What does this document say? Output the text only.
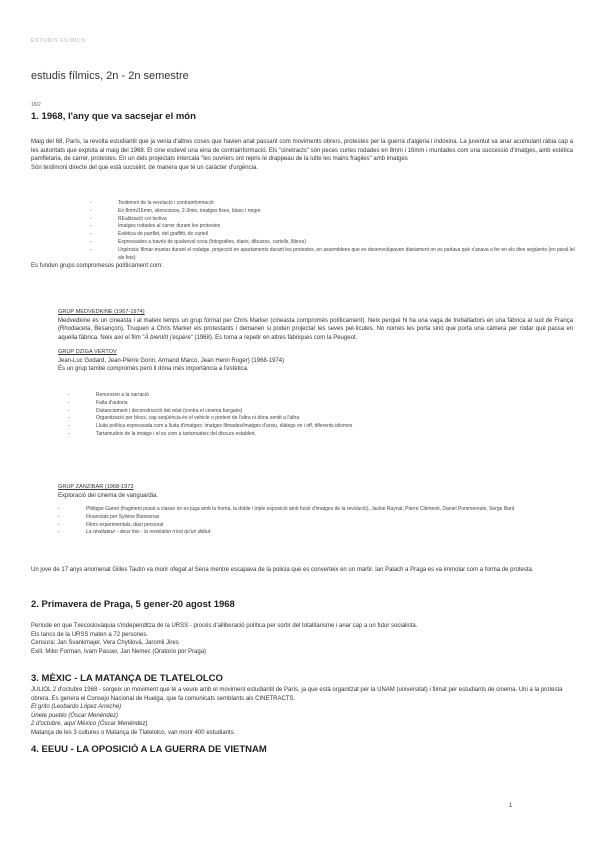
ESTUDIS FÍLMICS
estudis fílmics, 2n - 2n semestre
18/2
1. 1968, l'any que va sacsejar el món

Maig del 68, París, la revolta estudiantil que ja venia d'altres coses que havien anat passant com moviments obrers, protestes per la guerra d'algèria i indoxina. La juventut va anar acumulant ràbia cap a les autoritats que explota al maig del 1968. El cine esdevé una eina de contrainformació. Els "cinetracts" són peces curtes rodades en 8mm i 16mm i muntades com una successió d'imatges, amb estètica pamfletaria, de carrer, protestes. En un dels projectats intercala "les ouvriers ont repris le drappeau de la lutte les mains fragiles" amb imatges

Són testimoni directe del que està succeint, de manera que té un caràcter d'urgència.

-	Testimoni de la revolució i contrainformació
-	En 8mm/16mm, silenciosos, 2-3min, imatges fixes, blanc i negre
-	REalització col·lectiva
-	Imatges rodades al carrer durant les protestes
-	Estètica de panflet, del graffitti, de cartell
-	Expressades a través de qualsevol cosa (fotografies, diaris, dibuixos, cartells, llibres)
-	Urgència: filmar-muntar durant el rodatge, projecció en apartaments durant les protestes, en assemblees que es desenvolupaven diariament on es parlava què s'anava a fer en els dies següents (en paral·lel als fets)
Es funden grups compromesos políticament com:

GRUP MEDVEDKINE (1967-1974)

Medvedkine és un cineasta i al mateix temps un grup format per Chris Marker (cineasta compromès políticament). Neix perquè hi ha una vaga de treballadors en una fàbrica al sud de França (Rhodiaceta, Besançon). Truquen a Chris Marker els protestants i demanen si poden projectar les seves pel·lícules. No només les porta sinó que porta una càmera per rodar què passa en aquella fàbrica. Neix així el film "À bientôt j'espère" (1968). Es torna a repetir en altres fàbriques com la Peugeot.

GRUP DZIGA VERTOV

Jean-Luc Godard, Jean-Pierre Gorin, Armand Marco, Jean Henri Roger) (1968-1974)

És un grup també compromès però li dóna més importància a l'estètica.

-	Renuncien a la narració
-	Falta d'autoria
-	Distanciament i deconstrucció del relat (contra el cinema burguès)
-	Organització per blocs, cap seqüència és el vehicle o pretext de l'altra ni dóna sentit a l'altra
-	Lluita política expressada com a lluita d'imatges: imatges filmades/imatges d'arxiu, diàlegs on i off, diferents idiomes
-	Tartamudeix de la imatge i el so com a tartamudeix del discurs establert.

GRUP ZANZIBAR (1968-1973

Exploració del cinema de vanguardia.

-	Philippe Garrel (fragment posat a classe on es juga amb la forma, la doble i triple exposició amb fusió d'imatges de la revolució), Jackie Raynal, Pierre Clémenti, Daniel Pommereule, Serge Bard
-	Financiats per Sylvine Boissonas
-	Films experimentals, diari personal
-	La révélateur - deux fois - la revolution n'est qu'un début.
Un jove de 17 anys anomenat Gilles Tautin va morir ofegat al Sena mentre escapava de la policia que es converteix en un màrtir. Ian Palach a Praga es va immolar com a forma de protesta.
2. Primavera de Praga, 5 gener-20 agost 1968

Període en que Txecoslovàquia s'independitza de la URSS - procés d'alliberació política per sortir del totalitarisme i anar cap a un futur socialista.

Els tancs de la URSS maten a 72 persones.

Censura: Jan Svankmajer, Vera Chytilová, Jaromil Jires

Exili: Milor Forman, Ivam Passer, Jan Nemec (Oratorio por Praga)

3. MÈXIC - LA MATANÇA DE TLATELOLCO

JULIOL 2 d'octubre 1968 - sorgeix un moviment que té a veure amb el moviment estudiantil de París, ja que està organitzat per la UNAM (universitat) i filmat per estudiants de cinema. Uni a la protesta obrera. Es genera el Consejo Nacional de Huelga, que fa comunicats semblants als CINETRACTS.

El grito (Leobardo López Arreche)

Únete pueblo (Óscar Menéndez)

2 d'octubre, aquí México (Óscar Menéndez)

Matança de les 3 cultures o Matança de Tlatelolco, van morir 400 estudiants.

4. EEUU - LA OPOSICIÓ A LA GUERRA DE VIETNAM
1
